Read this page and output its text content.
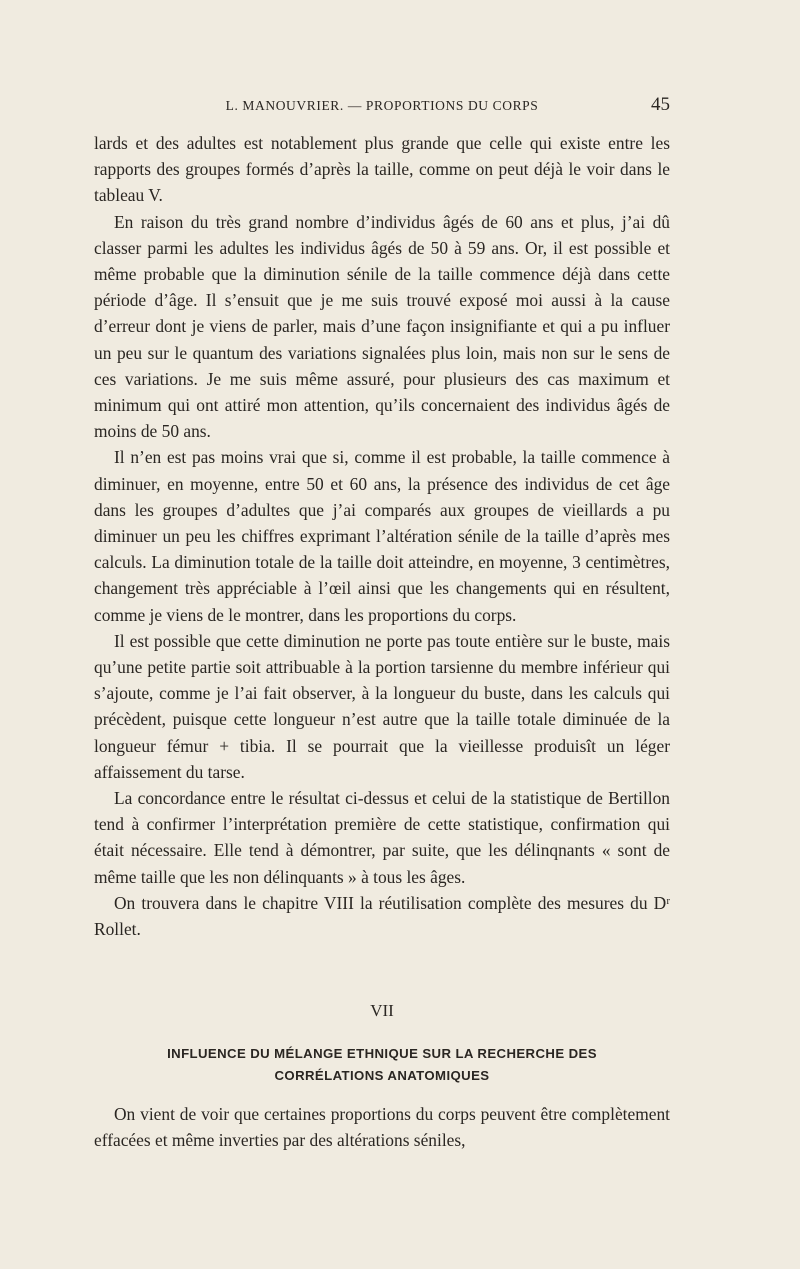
L. MANOUVRIER. — PROPORTIONS DU CORPS	45

lards et des adultes est notablement plus grande que celle qui existe entre les rapports des groupes formés d’après la taille, comme on peut déjà le voir dans le tableau V.

En raison du très grand nombre d’individus âgés de 60 ans et plus, j’ai dû classer parmi les adultes les individus âgés de 50 à 59 ans. Or, il est possible et même probable que la diminution sénile de la taille commence déjà dans cette période d’âge. Il s’ensuit que je me suis trouvé exposé moi aussi à la cause d’erreur dont je viens de parler, mais d’une façon insignifiante et qui a pu influer un peu sur le quantum des variations signalées plus loin, mais non sur le sens de ces variations. Je me suis même assuré, pour plusieurs des cas maximum et minimum qui ont attiré mon attention, qu’ils concernaient des individus âgés de moins de 50 ans.

Il n’en est pas moins vrai que si, comme il est probable, la taille commence à diminuer, en moyenne, entre 50 et 60 ans, la présence des individus de cet âge dans les groupes d’adultes que j’ai comparés aux groupes de vieillards a pu diminuer un peu les chiffres exprimant l’altération sénile de la taille d’après mes calculs. La diminution totale de la taille doit atteindre, en moyenne, 3 centimètres, changement très appréciable à l’œil ainsi que les changements qui en résultent, comme je viens de le montrer, dans les proportions du corps.

Il est possible que cette diminution ne porte pas toute entière sur le buste, mais qu’une petite partie soit attribuable à la portion tarsienne du membre inférieur qui s’ajoute, comme je l’ai fait observer, à la longueur du buste, dans les calculs qui précèdent, puisque cette longueur n’est autre que la taille totale diminuée de la longueur fémur + tibia. Il se pourrait que la vieillesse produisît un léger affaissement du tarse.

La concordance entre le résultat ci-dessus et celui de la statistique de Bertillon tend à confirmer l’interprétation première de cette statistique, confirmation qui était nécessaire. Elle tend à démontrer, par suite, que les délinqnants « sont de même taille que les non délinquants » à tous les âges.

On trouvera dans le chapitre VIII la réutilisation complète des mesures du Dʳ Rollet.

VII
INFLUENCE DU MÉLANGE ETHNIQUE SUR LA RECHERCHE DES
CORRÉLATIONS ANATOMIQUES

On vient de voir que certaines proportions du corps peuvent être complètement effacées et même inverties par des altérations séniles,
